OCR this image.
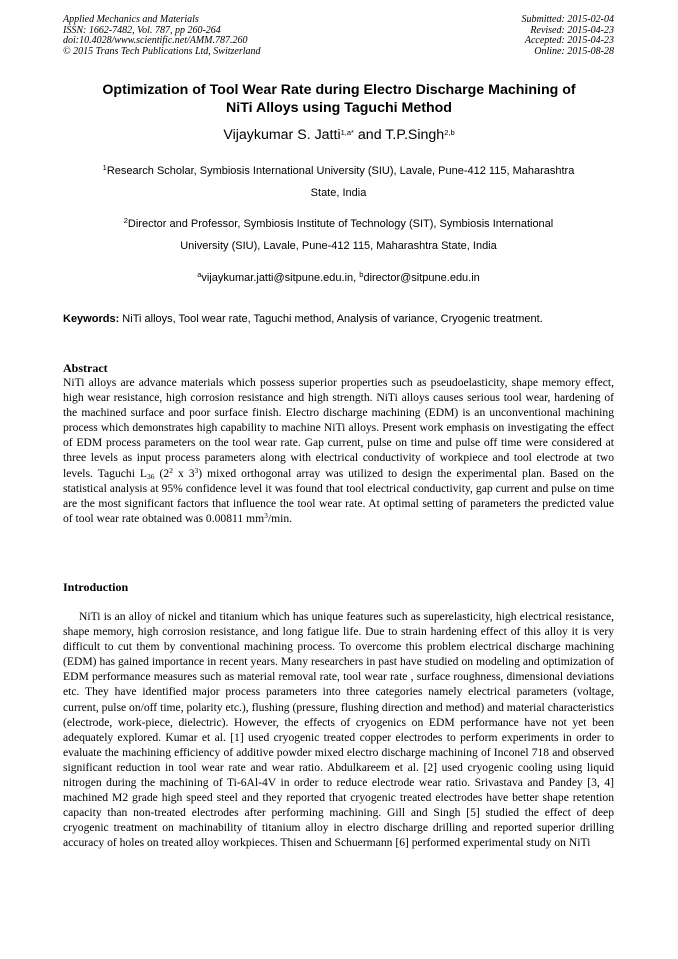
Applied Mechanics and Materials
ISSN: 1662-7482, Vol. 787, pp 260-264
doi:10.4028/www.scientific.net/AMM.787.260
© 2015 Trans Tech Publications Ltd, Switzerland
Submitted: 2015-02-04
Revised: 2015-04-23
Accepted: 2015-04-23
Online: 2015-08-28
Optimization of Tool Wear Rate during Electro Discharge Machining of
NiTi Alloys using Taguchi Method
Vijaykumar S. Jatti$^{1,a*}$ and T.P.Singh$^{2,b}$
$^1$Research Scholar, Symbiosis International University (SIU), Lavale, Pune-412 115, Maharashtra
State, India
$^2$Director and Professor, Symbiosis Institute of Technology (SIT), Symbiosis International
University (SIU), Lavale, Pune-412 115, Maharashtra State, India
$^a$vijaykumar.jatti@sitpune.edu.in, $^b$director@sitpune.edu.in
Keywords: NiTi alloys, Tool wear rate, Taguchi method, Analysis of variance, Cryogenic treatment.
Abstract
NiTi alloys are advance materials which possess superior properties such as pseudoelasticity, shape memory effect, high wear resistance, high corrosion resistance and high strength. NiTi alloys causes serious tool wear, hardening of the machined surface and poor surface finish. Electro discharge machining (EDM) is an unconventional machining process which demonstrates high capability to machine NiTi alloys. Present work emphasis on investigating the effect of EDM process parameters on the tool wear rate. Gap current, pulse on time and pulse off time were considered at three levels as input process parameters along with electrical conductivity of workpiece and tool electrode at two levels. Taguchi $L_{36}$ ($2^2$ x $3^3$) mixed orthogonal array was utilized to design the experimental plan. Based on the statistical analysis at 95% confidence level it was found that tool electrical conductivity, gap current and pulse on time are the most significant factors that influence the tool wear rate. At optimal setting of parameters the predicted value of tool wear rate obtained was 0.00811 $mm^3/\min$.
Introduction
NiTi is an alloy of nickel and titanium which has unique features such as superelasticity, high electrical resistance, shape memory, high corrosion resistance, and long fatigue life. Due to strain hardening effect of this alloy it is very difficult to cut them by conventional machining process. To overcome this problem electrical discharge machining (EDM) has gained importance in recent years. Many researchers in past have studied on modeling and optimization of EDM performance measures such as material removal rate, tool wear rate , surface roughness, dimensional deviations etc. They have identified major process parameters into three categories namely electrical parameters (voltage, current, pulse on/off time, polarity etc.), flushing (pressure, flushing direction and method) and material characteristics (electrode, work-piece, dielectric). However, the effects of cryogenics on EDM performance have not yet been adequately explored. Kumar et al. [1] used cryogenic treated copper electrodes to perform experiments in order to evaluate the machining efficiency of additive powder mixed electro discharge machining of Inconel 718 and observed significant reduction in tool wear rate and wear ratio. Abdulkareem et al. [2] used cryogenic cooling using liquid nitrogen during the machining of Ti-6Al-4V in order to reduce electrode wear ratio. Srivastava and Pandey [3, 4] machined M2 grade high speed steel and they reported that cryogenic treated electrodes have better shape retention capacity than non-treated electrodes after performing machining. Gill and Singh [5] studied the effect of deep cryogenic treatment on machinability of titanium alloy in electro discharge drilling and reported superior drilling accuracy of holes on treated alloy workpieces. Thisen and Schuermann [6] performed experimental study on NiTi
